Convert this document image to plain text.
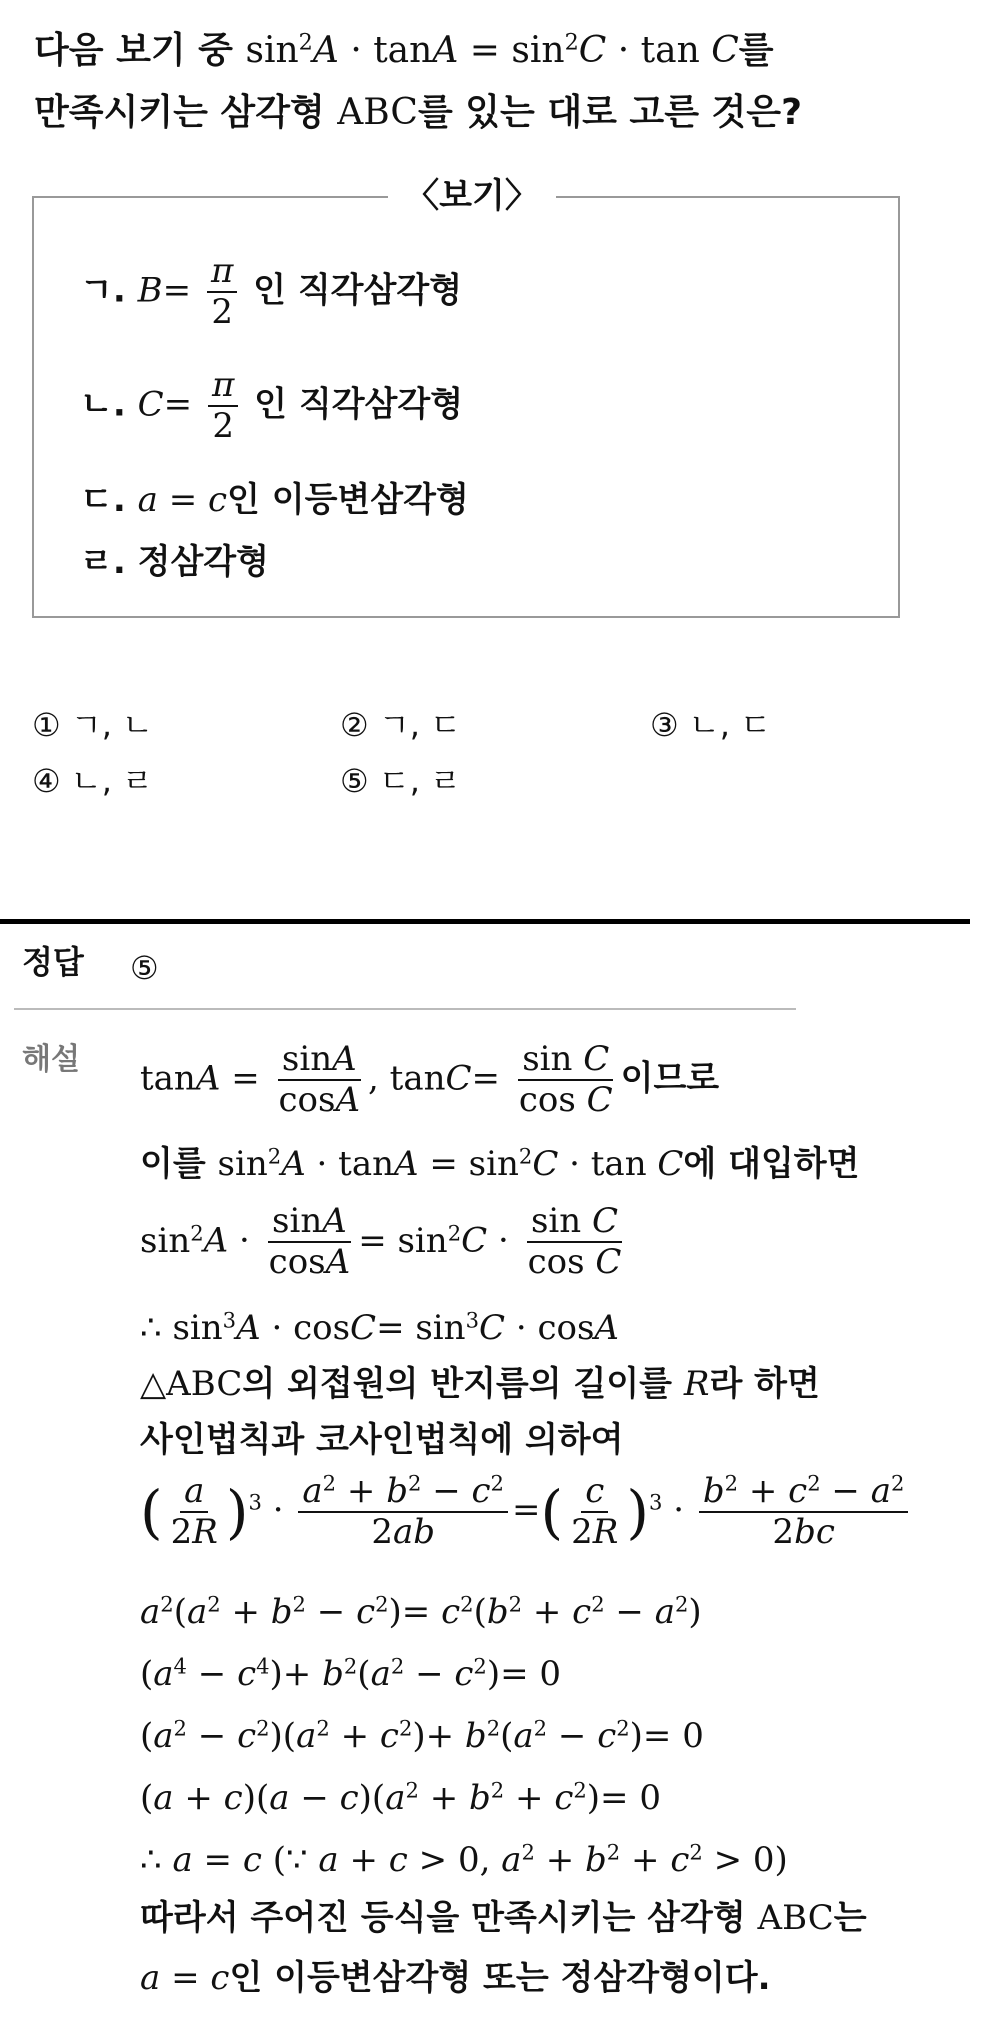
다음 보기 중 $\sin^2A \cdot \tan A = \sin^2C \cdot \tan C$를
만족시키는 삼각형 ABC를 있는 대로 고른 것은?
〈보기〉
ㄱ. $B= \frac{\pi}{2}$ 인 직각삼각형
ㄴ. $C= \frac{\pi}{2}$ 인 직각삼각형
ㄷ. a = c인 이등변삼각형
ㄹ. 정삼각형
① ㄱ, ㄴ	② ㄱ, ㄷ	③ ㄴ, ㄷ
④ ㄴ, ㄹ	⑤ ㄷ, ㄹ
정답 ⑤
해설 $\tan A = \frac{\sin A}{\cos A}$ , $\tan C= \frac{\text{sin C}}{\text{cos C}}$ 이므로
이를 $\sin^2A \cdot \tan A = \sin^2C \cdot \tan C$에 대입하면
$\sin^2A \cdot \frac{\sin A}{\cos A} = \sin^2C \cdot \frac{\text{sin C}}{\text{cos C}}$
∴ $\sin^3A \cdot \cos C= \sin^3C \cdot \cos A$
△ABC의 외접원의 반지름의 길이를 R라 하면
사인법칙과 코사인법칙에 의하여
( $\frac{a}{2R} )^3 \cdot \frac{a^2 + b^2 - c^2}{2ab}$ =( $\frac{c}{2R} )^3 \cdot \frac{b^2 + c^2 - a^2}{2bc}$
$a^2(a^2 + b^2 - c^2)= c^2(b^2 + c^2 - a^2)$
$(a^4 - c^4)+ b^2(a^2 - c^2)= 0$
$(a^2 - c^2)(a^2 + c^2)+ b^2(a^2 - c^2)= 0$
$(a + c)(a - c)(a^2 + b^2 + c^2)= 0$
∴ a = c (∵ a + c > 0, $a^2 + b^2 + c^2 > 0$)
따라서 주어진 등식을 만족시키는 삼각형 ABC는
a = c인 이등변삼각형 또는 정삼각형이다.
